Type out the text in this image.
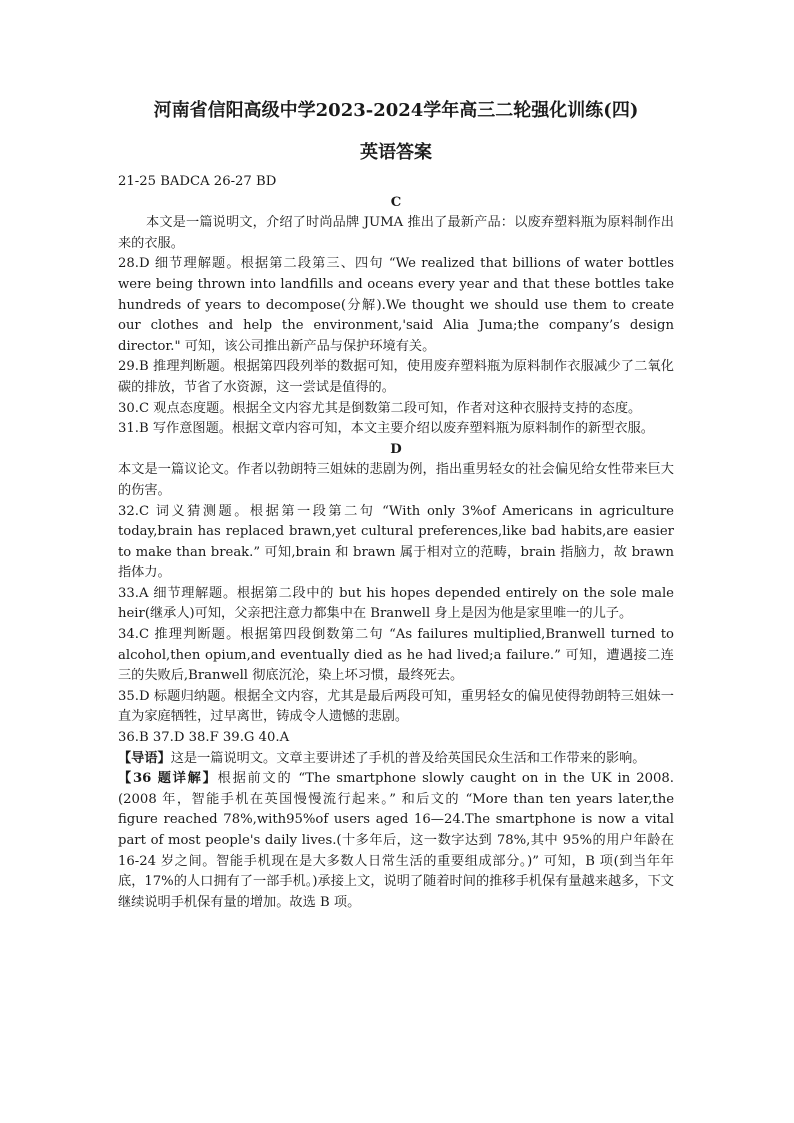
河南省信阳高级中学2023-2024学年高三二轮强化训练(四)

英语答案

21-25 BADCA 26-27 BD

C

本文是一篇说明文，介绍了时尚品牌 JUMA 推出了最新产品：以废弃塑料瓶为原料制作出来的衣服。

28.D 细节理解题。根据第二段第三、四句 “We realized that billions of water bottles were being thrown into landfills and oceans every year and that these bottles take hundreds of years to decompose(分解).We thought we should use them to create our clothes and help the environment,'said Alia Juma;the company’s design director." 可知，该公司推出新产品与保护环境有关。

29.B 推理判断题。根据第四段列举的数据可知，使用废弃塑料瓶为原料制作衣服减少了二氧化碳的排放，节省了水资源，这一尝试是值得的。

30.C 观点态度题。根据全文内容尤其是倒数第二段可知，作者对这种衣服持支持的态度。

31.B 写作意图题。根据文章内容可知，本文主要介绍以废弃塑料瓶为原料制作的新型衣服。

D

本文是一篇议论文。作者以勃朗特三姐妹的悲剧为例，指出重男轻女的社会偏见给女性带来巨大的伤害。

32.C 词义猜测题。根据第一段第二句 “With only 3%of Americans in agriculture today,brain has replaced brawn,yet cultural preferences,like bad habits,are easier to make than break.” 可知,brain 和 brawn 属于相对立的范畴，brain 指脑力，故 brawn 指体力。

33.A 细节理解题。根据第二段中的 but his hopes depended entirely on the sole male heir(继承人)可知，父亲把注意力都集中在 Branwell 身上是因为他是家里唯一的儿子。

34.C 推理判断题。根据第四段倒数第二句 “As failures multiplied,Branwell turned to alcohol,then opium,and eventually died as he had lived;a failure.” 可知，遭遇接二连三的失败后,Branwell 彻底沉沦，染上坏习惯，最终死去。

35.D 标题归纳题。根据全文内容，尤其是最后两段可知，重男轻女的偏见使得勃朗特三姐妹一直为家庭牺牲，过早离世，铸成令人遗憾的悲剧。

36.B 37.D 38.F 39.G 40.A

【导语】这是一篇说明文。文章主要讲述了手机的普及给英国民众生活和工作带来的影响。

【36 题详解】根据前文的 “The smartphone slowly caught on in the UK in 2008.(2008 年，智能手机在英国慢慢流行起来。” 和后文的 “More than ten years later,the figure reached 78%,with95%of users aged 16—24.The smartphone is now a vital part of most people's daily lives.(十多年后，这一数字达到 78%,其中 95%的用户年龄在 16-24 岁之间。智能手机现在是大多数人日常生活的重要组成部分。)” 可知，B 项(到当年年底，17%的人口拥有了一部手机。)承接上文，说明了随着时间的推移手机保有量越来越多，下文继续说明手机保有量的增加。故选 B 项。
